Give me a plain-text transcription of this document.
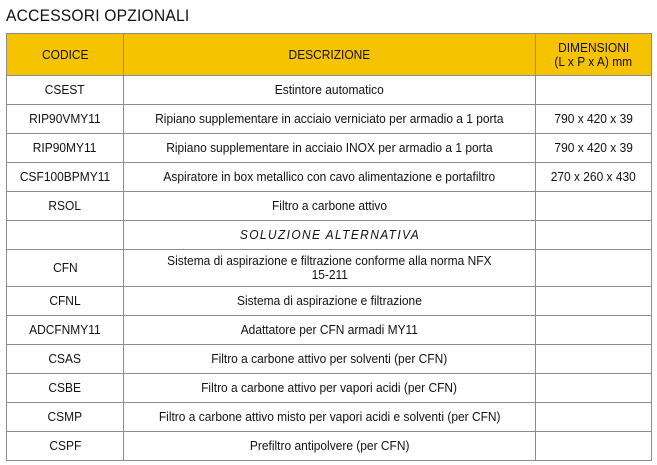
ACCESSORI OPZIONALI
CODICE	DESCRIZIONE	DIMENSIONI
(L x P x A) mm
CSEST	Estintore automatico	
RIP90VMY11	Ripiano supplementare in acciaio verniciato per armadio a 1 porta	790 x 420 x 39
RIP90MY11	Ripiano supplementare in acciaio INOX per armadio a 1 porta	790 x 420 x 39
CSF100BPMY11	Aspiratore in box metallico con cavo alimentazione e portafiltro	270 x 260 x 430
RSOL	Filtro a carbone attivo	
	SOLUZIONE ALTERNATIVA	
CFN	Sistema di aspirazione e filtrazione conforme alla norma NFX
15-211	
CFNL	Sistema di aspirazione e filtrazione	
ADCFNMY11	Adattatore per CFN armadi MY11	
CSAS	Filtro a carbone attivo per solventi (per CFN)	
CSBE	Filtro a carbone attivo per vapori acidi (per CFN)	
CSMP	Filtro a carbone attivo misto per vapori acidi e solventi (per CFN)	
CSPF	Prefiltro antipolvere (per CFN)	
